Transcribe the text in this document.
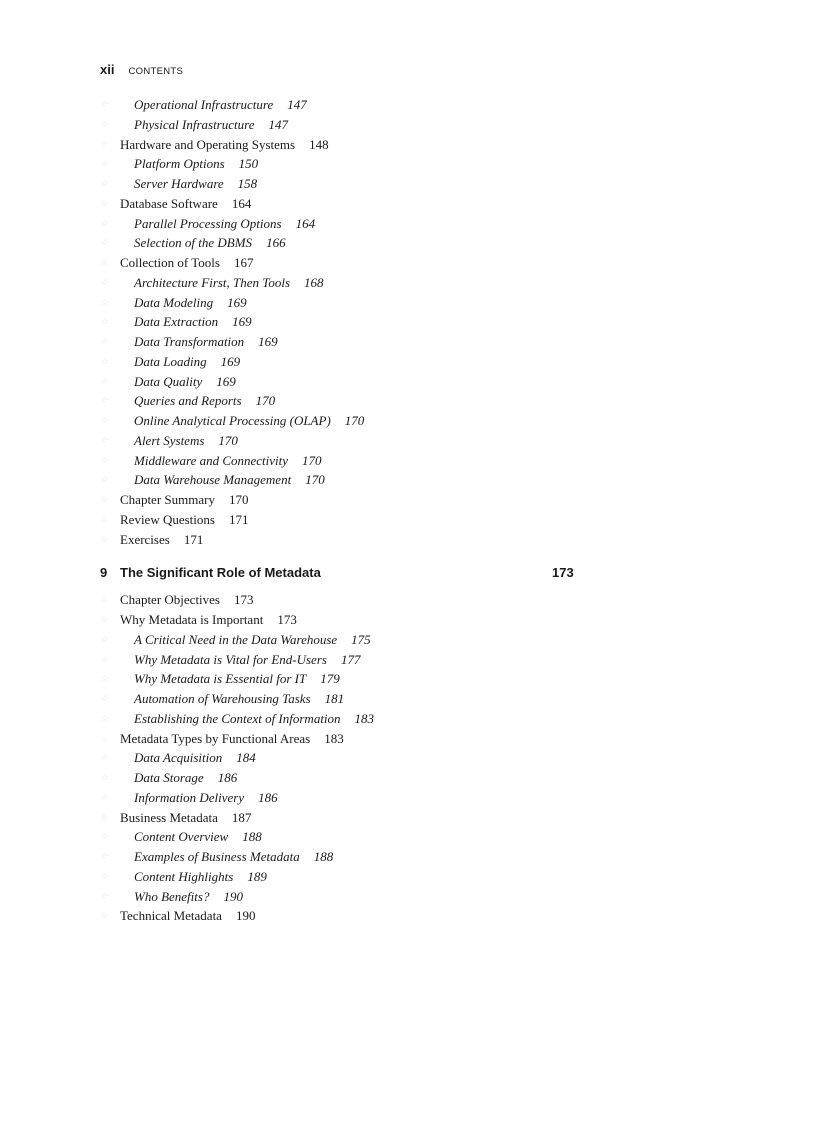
xii CONTENTS
☆ Operational Infrastructure 147
☆ Physical Infrastructure 147
☆ Hardware and Operating Systems 148
☆ Platform Options 150
☆ Server Hardware 158
☆ Database Software 164
☆ Parallel Processing Options 164
☆ Selection of the DBMS 166
☆ Collection of Tools 167
☆ Architecture First, Then Tools 168
☆ Data Modeling 169
☆ Data Extraction 169
☆ Data Transformation 169
☆ Data Loading 169
☆ Data Quality 169
☆ Queries and Reports 170
☆ Online Analytical Processing (OLAP) 170
☆ Alert Systems 170
☆ Middleware and Connectivity 170
☆ Data Warehouse Management 170
☆ Chapter Summary 170
☆ Review Questions 171
☆ Exercises 171
9 The Significant Role of Metadata	173
☆ Chapter Objectives 173
☆ Why Metadata is Important 173
☆ A Critical Need in the Data Warehouse 175
☆ Why Metadata is Vital for End-Users 177
☆ Why Metadata is Essential for IT 179
☆ Automation of Warehousing Tasks 181
☆ Establishing the Context of Information 183
☆ Metadata Types by Functional Areas 183
☆ Data Acquisition 184
☆ Data Storage 186
☆ Information Delivery 186
☆ Business Metadata 187
☆ Content Overview 188
☆ Examples of Business Metadata 188
☆ Content Highlights 189
☆ Who Benefits? 190
☆ Technical Metadata 190
